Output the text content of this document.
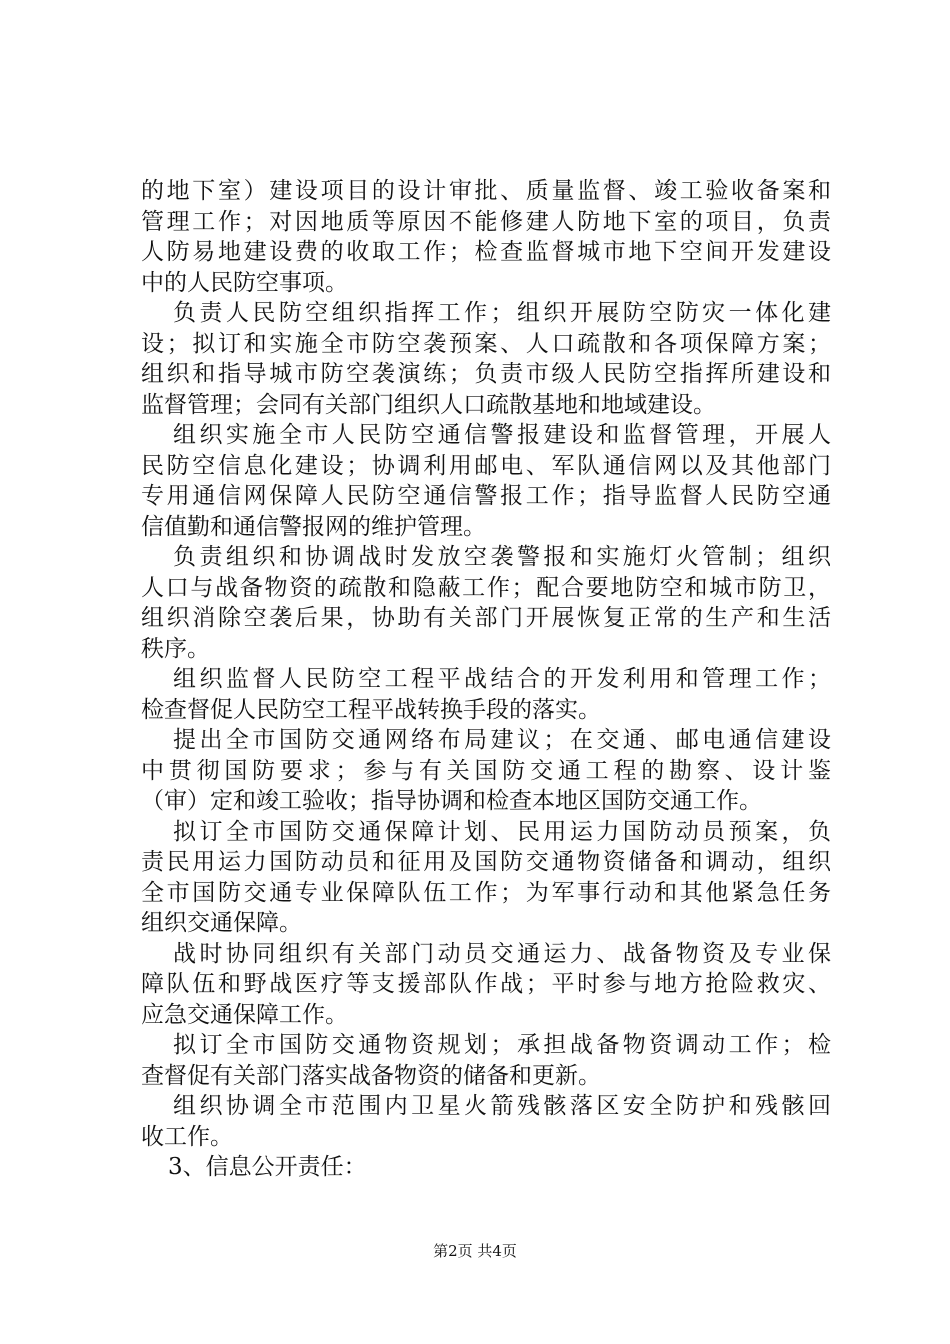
的地下室）建设项目的设计审批、质量监督、竣工验收备案和
管理工作；对因地质等原因不能修建人防地下室的项目，负责
人防易地建设费的收取工作；检查监督城市地下空间开发建设
中的人民防空事项。
负责人民防空组织指挥工作；组织开展防空防灾一体化建
设；拟订和实施全市防空袭预案、人口疏散和各项保障方案；
组织和指导城市防空袭演练；负责市级人民防空指挥所建设和
监督管理；会同有关部门组织人口疏散基地和地域建设。
组织实施全市人民防空通信警报建设和监督管理，开展人
民防空信息化建设；协调利用邮电、军队通信网以及其他部门
专用通信网保障人民防空通信警报工作；指导监督人民防空通
信值勤和通信警报网的维护管理。
负责组织和协调战时发放空袭警报和实施灯火管制；组织
人口与战备物资的疏散和隐蔽工作；配合要地防空和城市防卫，
组织消除空袭后果，协助有关部门开展恢复正常的生产和生活
秩序。
组织监督人民防空工程平战结合的开发利用和管理工作；
检查督促人民防空工程平战转换手段的落实。
提出全市国防交通网络布局建议；在交通、邮电通信建设
中贯彻国防要求；参与有关国防交通工程的勘察、设计鉴
（审）定和竣工验收；指导协调和检查本地区国防交通工作。
拟订全市国防交通保障计划、民用运力国防动员预案，负
责民用运力国防动员和征用及国防交通物资储备和调动，组织
全市国防交通专业保障队伍工作；为军事行动和其他紧急任务
组织交通保障。
战时协同组织有关部门动员交通运力、战备物资及专业保
障队伍和野战医疗等支援部队作战；平时参与地方抢险救灾、
应急交通保障工作。
拟订全市国防交通物资规划；承担战备物资调动工作；检
查督促有关部门落实战备物资的储备和更新。
组织协调全市范围内卫星火箭残骸落区安全防护和残骸回
收工作。
3、信息公开责任：
第2页 共4页
